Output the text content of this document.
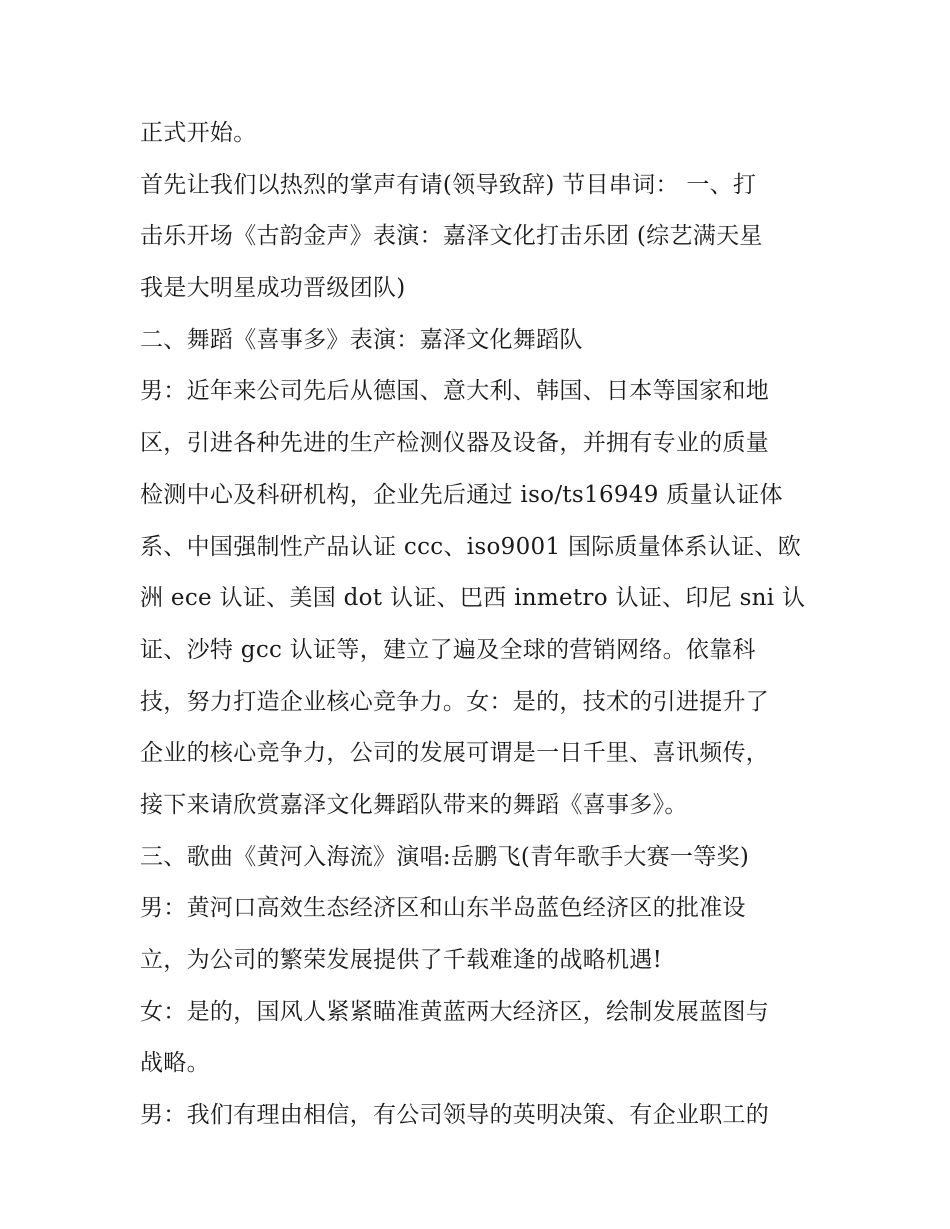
正式开始。
首先让我们以热烈的掌声有请(领导致辞) 节目串词： 一、打
击乐开场《古韵金声》表演：嘉泽文化打击乐团 (综艺满天星
我是大明星成功晋级团队)
二、舞蹈《喜事多》表演：嘉泽文化舞蹈队
男：近年来公司先后从德国、意大利、韩国、日本等国家和地
区，引进各种先进的生产检测仪器及设备，并拥有专业的质量
检测中心及科研机构，企业先后通过 iso/ts16949 质量认证体
系、中国强制性产品认证 ccc、iso9001 国际质量体系认证、欧
洲 ece 认证、美国 dot 认证、巴西 inmetro 认证、印尼 sni 认
证、沙特 gcc 认证等，建立了遍及全球的营销网络。依靠科
技，努力打造企业核心竞争力。女：是的，技术的引进提升了
企业的核心竞争力，公司的发展可谓是一日千里、喜讯频传，
接下来请欣赏嘉泽文化舞蹈队带来的舞蹈《喜事多》。
三、歌曲《黄河入海流》演唱:岳鹏飞(青年歌手大赛一等奖)
男：黄河口高效生态经济区和山东半岛蓝色经济区的批准设
立，为公司的繁荣发展提供了千载难逢的战略机遇!
女：是的，国风人紧紧瞄准黄蓝两大经济区，绘制发展蓝图与
战略。
男：我们有理由相信，有公司领导的英明决策、有企业职工的
